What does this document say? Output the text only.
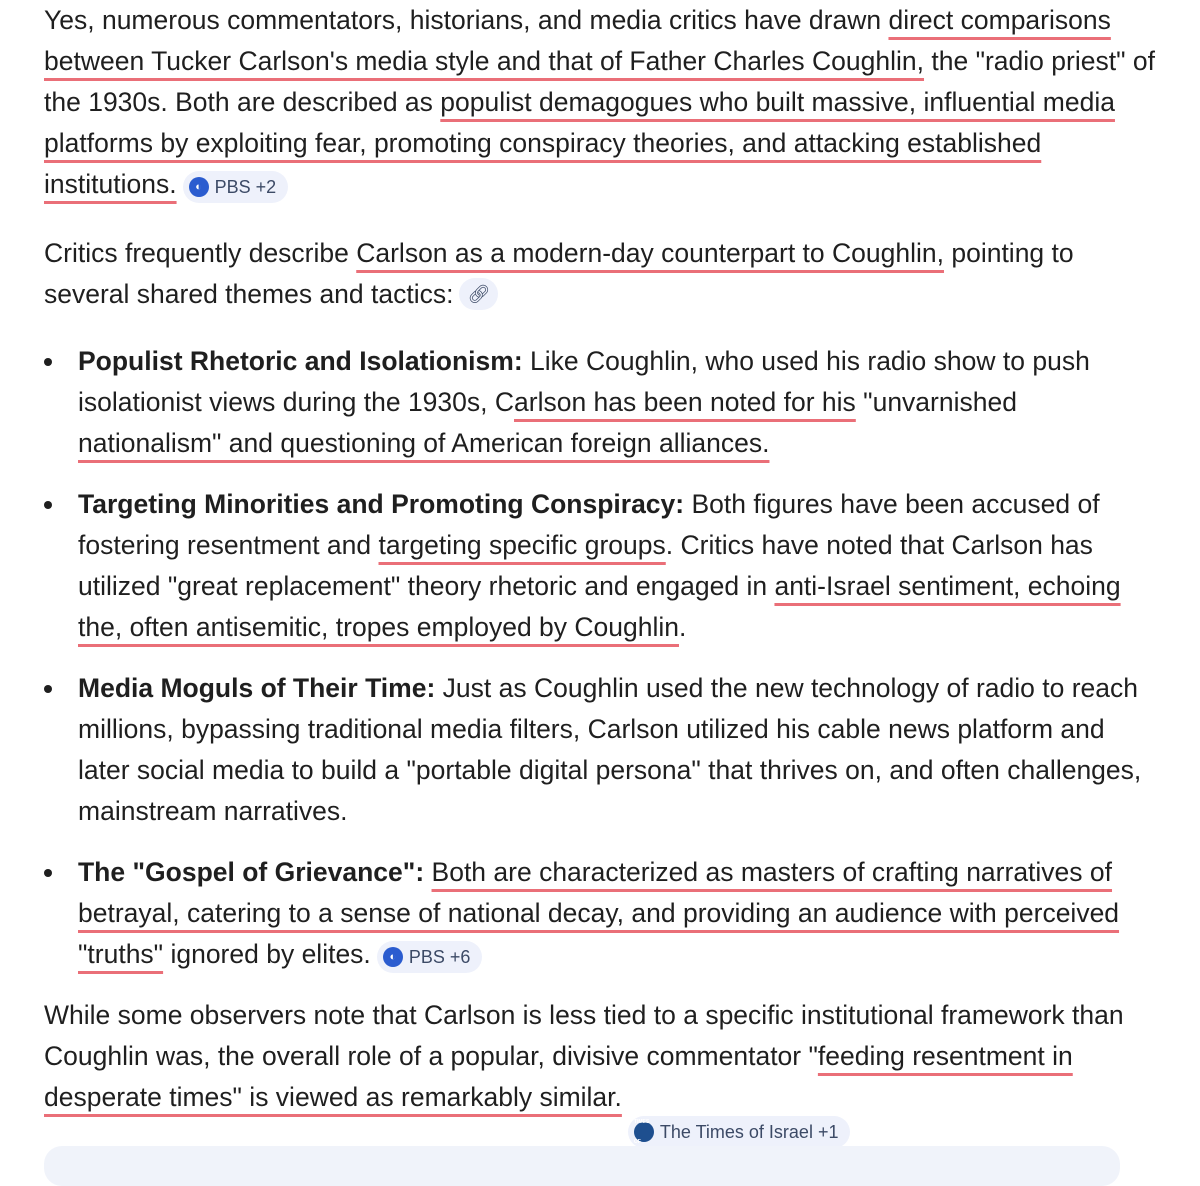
Yes, numerous commentators, historians, and media critics have drawn direct comparisons between Tucker Carlson's media style and that of Father Charles Coughlin, the "radio priest" of the 1930s. Both are described as populist demagogues who built massive, influential media platforms by exploiting fear, promoting conspiracy theories, and attacking established institutions.	◐ PBS +2

Critics frequently describe Carlson as a modern-day counterpart to Coughlin, pointing to several shared themes and tactics: 🔗︎

Populist Rhetoric and Isolationism: Like Coughlin, who used his radio show to push isolationist views during the 1930s, Carlson has been noted for his "unvarnished nationalism" and questioning of American foreign alliances.
Targeting Minorities and Promoting Conspiracy: Both figures have been accused of fostering resentment and targeting specific groups. Critics have noted that Carlson has utilized "great replacement" theory rhetoric and engaged in anti-Israel sentiment, echoing the, often antisemitic, tropes employed by Coughlin.
Media Moguls of Their Time: Just as Coughlin used the new technology of radio to reach millions, bypassing traditional media filters, Carlson utilized his cable news platform and later social media to build a "portable digital persona" that thrives on, and often challenges, mainstream narratives.
The "Gospel of Grievance": Both are characterized as masters of crafting narratives of betrayal, catering to a sense of national decay, and providing an audience with perceived "truths" ignored by elites.	◐ PBS +6

While some observers note that Carlson is less tied to a specific institutional framework than Coughlin was, the overall role of a popular, divisive commentator "feeding resentment in desperate times" is viewed as remarkably similar. THE TIMES OF	The Times of Israel +1
